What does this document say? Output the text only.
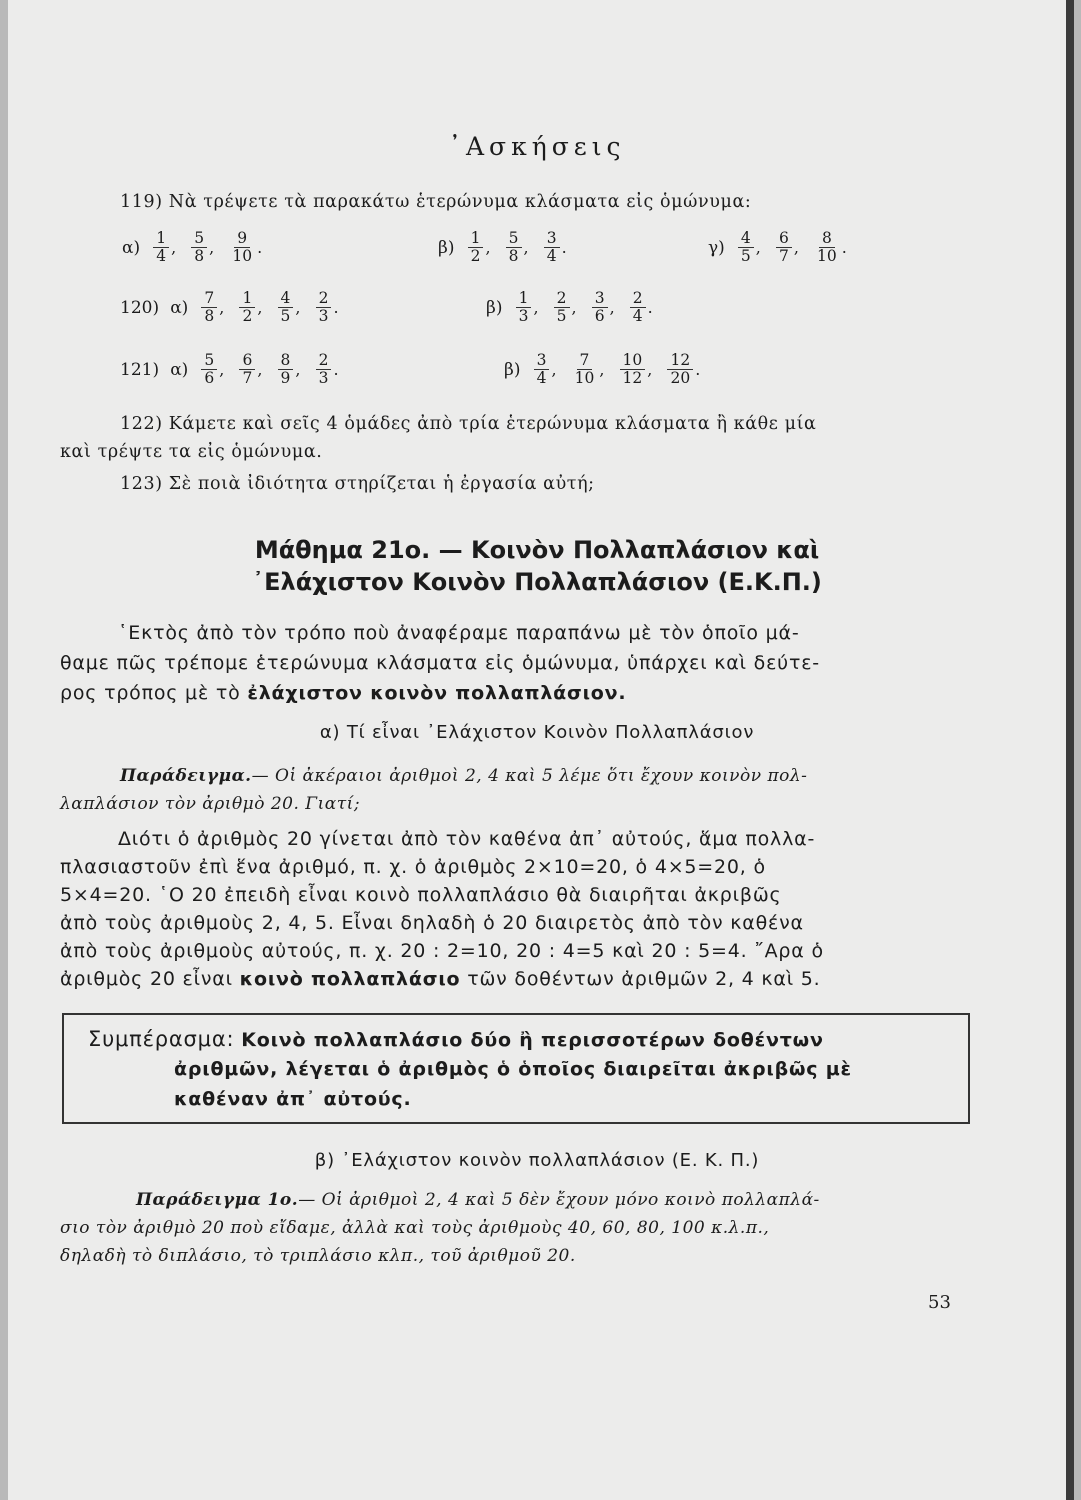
᾿Ασκήσεις
119) Νὰ τρέψετε τὰ παρακάτω ἑτερώνυμα κλάσματα εἰς ὁμώνυμα:
$\alpha) \frac{1}{4}$ , $\frac{5}{8}$ , $\frac{9}{10}$ .	$\beta) \frac{1}{2}$ , $\frac{5}{8}$ , $\frac{3}{4}$ .	$\gamma) \frac{4}{5}$ , $\frac{6}{7}$ , $\frac{8}{10}$ .
120) $\alpha) \frac{7}{8}$ , $\frac{1}{2}$ , $\frac{4}{5}$ , $\frac{2}{3}$ .	$\beta) \frac{1}{3}$ , $\frac{2}{5}$ , $\frac{3}{6}$ , $\frac{2}{4}$ .
121) $\alpha) \frac{5}{6}$ , $\frac{6}{7}$ , $\frac{8}{9}$ , $\frac{2}{3}$ .	$\beta) \frac{3}{4}$ , $\frac{7}{10}$ , $\frac{10}{12}$ , $\frac{12}{20}$ .
122) Κάμετε καὶ σεῖς 4 ὁμάδες ἀπὸ τρία ἑτερώνυμα κλάσματα ἢ κάθε μία
καὶ τρέψτε τα εἰς ὁμώνυμα.
123) Σὲ ποιὰ ἰδιότητα στηρίζεται ἡ ἐργασία αὐτή;
Μάθημα 21ο. — Κοινὸν Πολλαπλάσιον καὶ
᾿Ελάχιστον Κοινὸν Πολλαπλάσιον (Ε.Κ.Π.)
῾Εκτὸς ἀπὸ τὸν τρόπο ποὺ ἀναφέραμε παραπάνω μὲ τὸν ὁποῖο μά-
θαμε πῶς τρέπομε ἑτερώνυμα κλάσματα εἰς ὁμώνυμα, ὑπάρχει καὶ δεύτε-
ρος τρόπος μὲ τὸ ἐλάχιστον κοινὸν πολλαπλάσιον.
α) Τί εἶναι ᾿Ελάχιστον Κοινὸν Πολλαπλάσιον
Παράδειγμα.— Οἱ ἀκέραιοι ἀριθμοὶ 2, 4 καὶ 5 λέμε ὅτι ἔχουν κοινὸν πολ-
λαπλάσιον τὸν ἀριθμὸ 20. Γιατί;
Διότι ὁ ἀριθμὸς 20 γίνεται ἀπὸ τὸν καθένα ἀπ᾿ αὐτούς, ἅμα πολλα-
πλασιαστοῦν ἐπὶ ἕνα ἀριθμό, π. χ. ὁ ἀριθμὸς 2×10=20, ὁ 4×5=20, ὁ
5×4=20. ῾Ο 20 ἐπειδὴ εἶναι κοινὸ πολλαπλάσιο θὰ διαιρῆται ἀκριβῶς
ἀπὸ τοὺς ἀριθμοὺς 2, 4, 5. Εἶναι δηλαδὴ ὁ 20 διαιρετὸς ἀπὸ τὸν καθένα
ἀπὸ τοὺς ἀριθμοὺς αὐτούς, π. χ. 20 : 2=10, 20 : 4=5 καὶ 20 : 5=4. ῎Αρα ὁ
ἀριθμὸς 20 εἶναι κοινὸ πολλαπλάσιο τῶν δοθέντων ἀριθμῶν 2, 4 καὶ 5.
Συμπέρασμα: Κοινὸ πολλαπλάσιο δύο ἢ περισσοτέρων δοθέντων
ἀριθμῶν, λέγεται ὁ ἀριθμὸς ὁ ὁποῖος διαιρεῖται ἀκριβῶς μὲ
καθέναν ἀπ᾿ αὐτούς.
β) ᾿Ελάχιστον κοινὸν πολλαπλάσιον (Ε. Κ. Π.)
Παράδειγμα 1ο.— Οἱ ἀριθμοὶ 2, 4 καὶ 5 δὲν ἔχουν μόνο κοινὸ πολλαπλά-
σιο τὸν ἀριθμὸ 20 ποὺ εἴδαμε, ἀλλὰ καὶ τοὺς ἀριθμοὺς 40, 60, 80, 100 κ.λ.π.,
δηλαδὴ τὸ διπλάσιο, τὸ τριπλάσιο κλπ., τοῦ ἀριθμοῦ 20.
53
